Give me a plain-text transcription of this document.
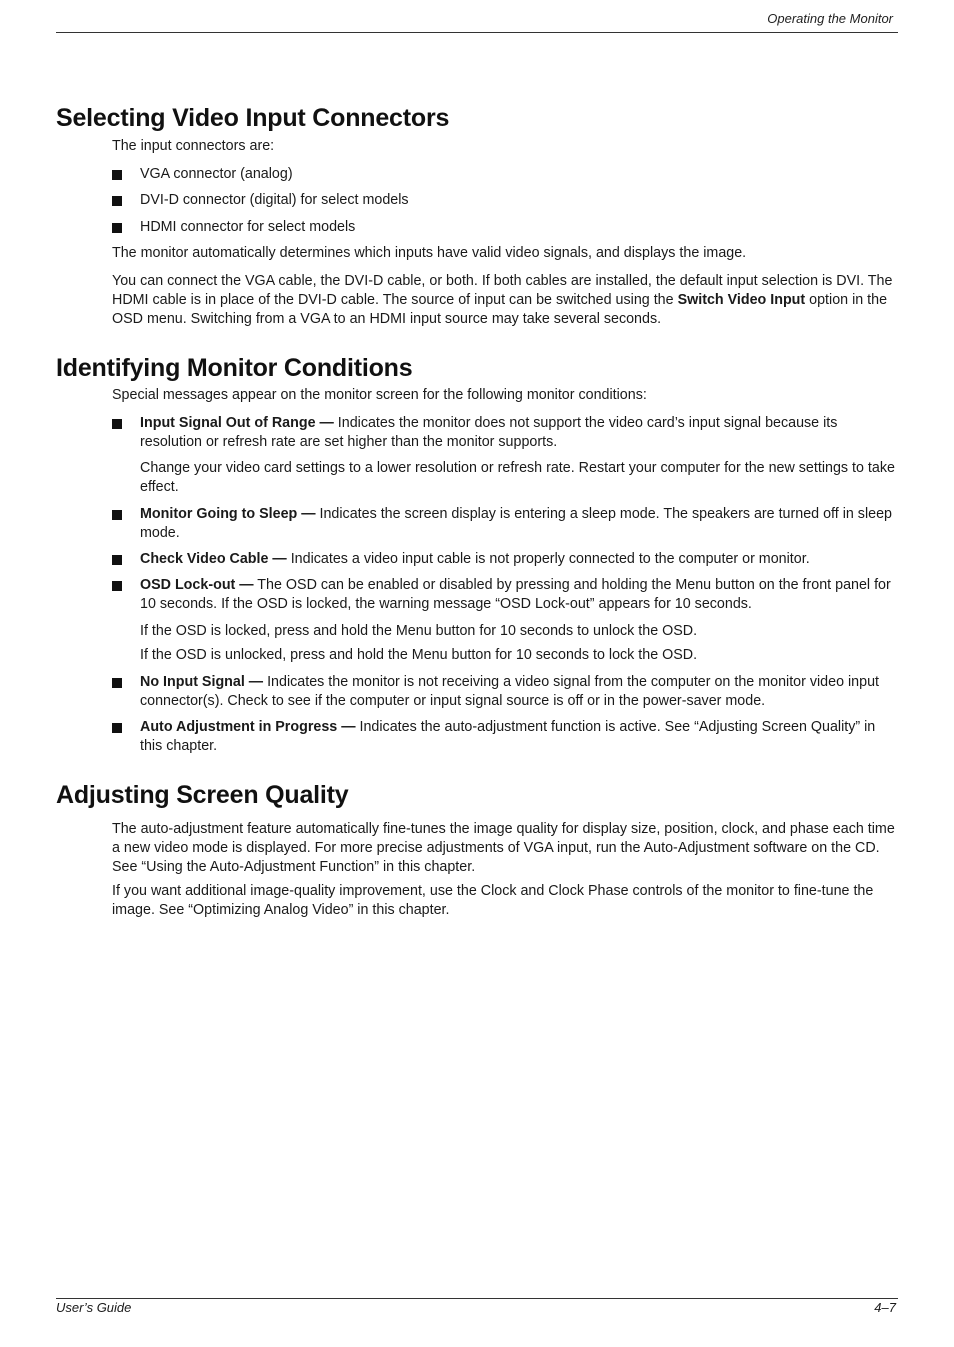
Operating the Monitor
Selecting Video Input Connectors
The input connectors are:
VGA connector (analog)
DVI-D connector (digital) for select models
HDMI connector for select models
The monitor automatically determines which inputs have valid video signals, and displays the image.
You can connect the VGA cable, the DVI-D cable, or both. If both cables are installed, the default input selection is DVI. The HDMI cable is in place of the DVI-D cable. The source of input can be switched using the Switch Video Input option in the OSD menu. Switching from a VGA to an HDMI input source may take several seconds.
Identifying Monitor Conditions
Special messages appear on the monitor screen for the following monitor conditions:
Input Signal Out of Range — Indicates the monitor does not support the video card’s input signal because its resolution or refresh rate are set higher than the monitor supports.
Change your video card settings to a lower resolution or refresh rate. Restart your computer for the new settings to take effect.
Monitor Going to Sleep — Indicates the screen display is entering a sleep mode. The speakers are turned off in sleep mode.
Check Video Cable — Indicates a video input cable is not properly connected to the computer or monitor.
OSD Lock-out — The OSD can be enabled or disabled by pressing and holding the Menu button on the front panel for 10 seconds. If the OSD is locked, the warning message “OSD Lock-out” appears for 10 seconds.
If the OSD is locked, press and hold the Menu button for 10 seconds to unlock the OSD.
If the OSD is unlocked, press and hold the Menu button for 10 seconds to lock the OSD.
No Input Signal — Indicates the monitor is not receiving a video signal from the computer on the monitor video input connector(s). Check to see if the computer or input signal source is off or in the power-saver mode.
Auto Adjustment in Progress — Indicates the auto-adjustment function is active. See “Adjusting Screen Quality” in this chapter.
Adjusting Screen Quality
The auto-adjustment feature automatically fine-tunes the image quality for display size, position, clock, and phase each time a new video mode is displayed. For more precise adjustments of VGA input, run the Auto-Adjustment software on the CD. See “Using the Auto-Adjustment Function” in this chapter.
If you want additional image-quality improvement, use the Clock and Clock Phase controls of the monitor to fine-tune the image. See “Optimizing Analog Video” in this chapter.
User’s Guide	4–7
